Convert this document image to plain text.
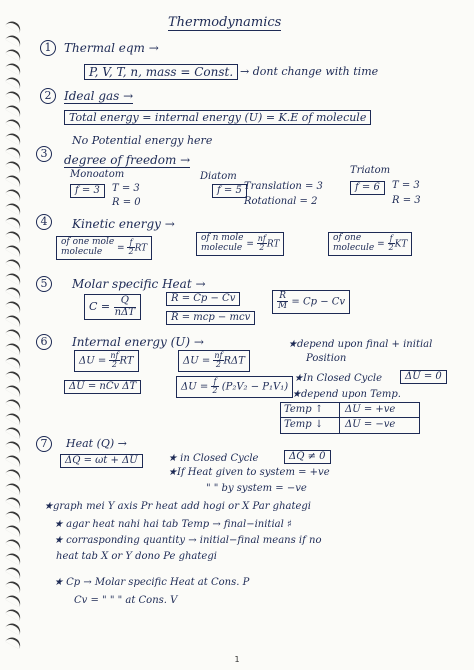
Thermodynamics
1	Thermal eqm →
P, V, T, n, mass = Const. → dont change with time
2	Ideal gas →
Total energy = internal energy (U) = K.E of molecule
No Potential energy here
3	degree of freedom →
Monoatom
f = 3	T = 3
R = 0
Diatom
f = 5 Translation = 3
Rotational = 2
Triatom
f = 6	T = 3
R = 3
4	Kinetic energy →
of one mole
molecule	= $\frac{f}{2}$ RT
of n mole
molecule = $\frac{nf}{2}$ RT
of one
molecule = $\frac{f}{2}$ KT
5	Molar specific Heat →
$C = \frac{Q}{\text{nΔT}}$	R = Cp − Cv
R = mcp − mcv
$\frac{R}{M} = Cp - Cv$
6	Internal energy (U) →
$\Delta U = \frac{nf}{2}$ RT	$\Delta U = \frac{nf}{2}$ RΔT
ΔU = nCv ΔT	$\Delta U = \frac{f}{2} (P_2V_2 - P_1V_1)$
★depend upon final + initial
Position
★In Closed Cycle	ΔU = 0
★depend upon Temp.
Temp ↑ ΔU = +ve
Temp ↓ ΔU = −ve
7	Heat (Q) →
ΔQ = ωt + ΔU	★ in Closed Cycle	ΔQ ≠ 0
★If Heat given to system = +ve
" " by system = −ve
★graph mei Y axis Pr heat add hogi or X Par ghategi
★ agar heat nahi hai tab Temp → final−initial ♯
★ corrasponding quantity → initial−final means if no
heat tab X or Y dono Pe ghategi
★ Cp → Molar specific Heat at Cons. P
Cv = " " " at Cons. V
1
